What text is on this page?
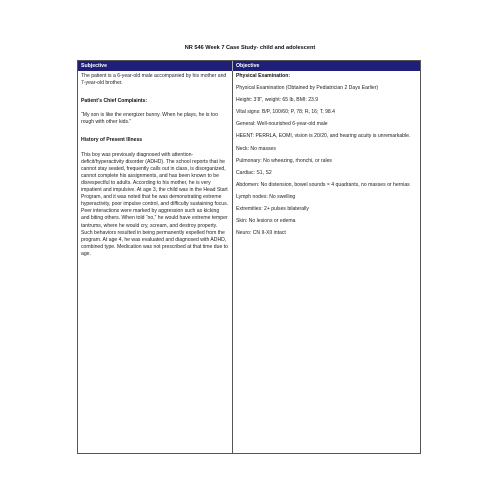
NR 546 Week 7 Case Study- child and adolescent
Subjective	Objective

The patient is a 6-year-old male accompanied by his mother and 7-year-old brother.

Patient’s Chief Complaints:

“My son is like the energizer bunny. When he plays, he is too rough with other kids.”

History of Present Illness

This boy was previously diagnosed with attention-deficit/hyperactivity disorder (ADHD). The school reports that he cannot stay seated, frequently calls out in class, is disorganized, cannot complete his assignments, and has been known to be disrespectful to adults. According to his mother, he is very impatient and impulsive. At age 3, the child was in the Head Start Program, and it was noted that he was demonstrating extreme hyperactivity, poor impulse control, and difficulty sustaining focus. Peer interactions were marked by aggression such as kicking and biting others. When told “no,” he would have extreme temper tantrums, where he would cry, scream, and destroy property. Such behaviors resulted in being permanently expelled from the program. At age 4, he was evaluated and diagnosed with ADHD, combined type. Medication was not prescribed at that time due to age.

Physical Examination:

Physical Examination (Obtained by Pediatrician 2 Days Earlier)

Height: 3’8”, weight: 65 lb, BMI: 23.9

Vital signs: B/P, 100/60; P, 78; R, 16; T, 98.4

General: Well-nourished 6-year-old male

HEENT: PERRLA, EOMI, vision is 20/20, and hearing acuity is unremarkable.

Neck: No masses

Pulmonary: No wheezing, rhonchi, or rales

Cardiac: S1, S2

Abdomen: No distension, bowel sounds × 4 quadrants, no masses or hernias

Lymph nodes: No swelling

Extremities: 2+ pulses bilaterally

Skin: No lesions or edema

Neuro: CN II-XII intact
